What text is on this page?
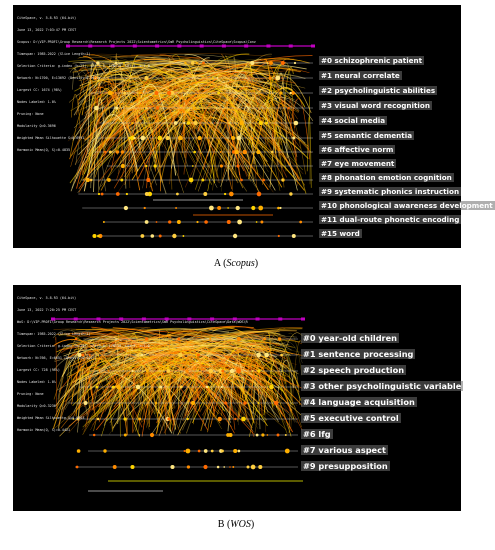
CiteSpace, v. 5.8.R3 (64-bit)

June 13, 2022 7:03:47 PM CEST

Scopus: D:\VIP-PROFI\Group Research\Research Projects 2022\Scientometrics\SmR Psycholinguistics\CiteSpace\Scopus\Conv

Timespan: 1985-2022 (Slice Length=1)

Selection Criteria: g-index (k=25), LRF=3.0, L/N=10, LBY=5, e=1.0

Network: N=1700, E=13692 (Density=0.0127)

Largest CC: 1674 (98%)

Nodes Labeled: 1.0%

Pruning: None

Modularity Q=0.3696

Weighted Mean Silhouette S=0.6991

Harmonic Mean(Q, S)=0.4835

#0 schizophrenic patient
#1 neural correlate
#2 psycholinguistic abilities
#3 visual word recognition
#4 social media
#5 semantic dementia
#6 affective norm
#7 eye movement
#8 phonation emotion cognition
#9 systematic phonics instruction
#10 phonological awareness development
#11 dual-route phonetic encoding
#15 word
A (Scopus)

CiteSpace, v. 5.8.R3 (64-bit)

June 13, 2022 7:20:25 PM CEST

WoS: D:\VIP-PROFI\Group Research\Research Projects 2022\Scientometrics\SmR Psycholinguistics\CiteSpace\Data\WOS\R

Timespan: 1985-2022 (Slice Length=1)

Selection Criteria: g-index (k=25), LRF=3.0, L/N=10, LBY=5, e=1.0

Network: N=766, E=6651 (Density=0.0227)

Largest CC: 728 (95%)

Nodes Labeled: 1.0%

Pruning: None

Modularity Q=0.3236

Weighted Mean Silhouette S=0.6963

Harmonic Mean(Q, S)=0.4421

#0 year-old children
#1 sentence processing
#2 speech production
#3 other psycholinguistic variable
#4 language acquisition
#5 executive control
#6 lfg
#7 various aspect
#9 presupposition
B (WOS)
